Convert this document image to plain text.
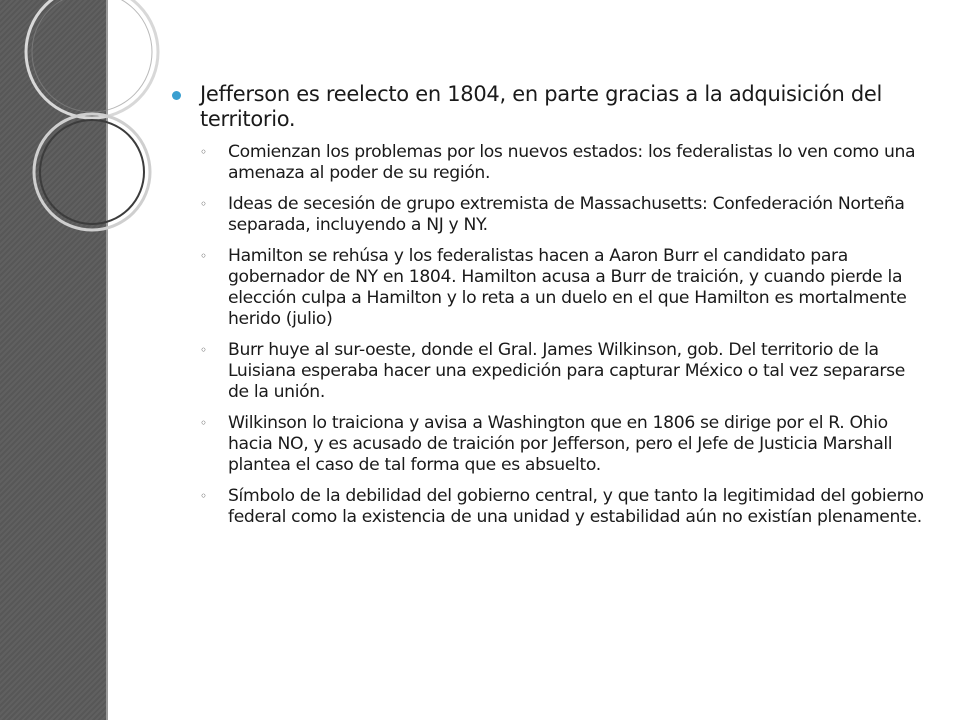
Jefferson es reelecto en 1804, en parte gracias a la adquisición del territorio.
◦ Comienzan los problemas por los nuevos estados: los federalistas lo ven como una amenaza al poder de su región.
◦ Ideas de secesión de grupo extremista de Massachusetts: Confederación Norteña separada, incluyendo a NJ y NY.
◦ Hamilton se rehúsa y los federalistas hacen a Aaron Burr el candidato para gobernador de NY en 1804. Hamilton acusa a Burr de traición, y cuando pierde la elección culpa a Hamilton y lo reta a un duelo en el que Hamilton es mortalmente herido (julio)
◦ Burr huye al sur-oeste, donde el Gral. James Wilkinson, gob. Del territorio de la Luisiana esperaba hacer una expedición para capturar México o tal vez separarse de la unión.
◦ Wilkinson lo traiciona y avisa a Washington que en 1806 se dirige por el R. Ohio hacia NO, y es acusado de traición por Jefferson, pero el Jefe de Justicia Marshall plantea el caso de tal forma que es absuelto.
◦ Símbolo de la debilidad del gobierno central, y que tanto la legitimidad del gobierno federal como la existencia de una unidad y estabilidad aún no existían plenamente.
